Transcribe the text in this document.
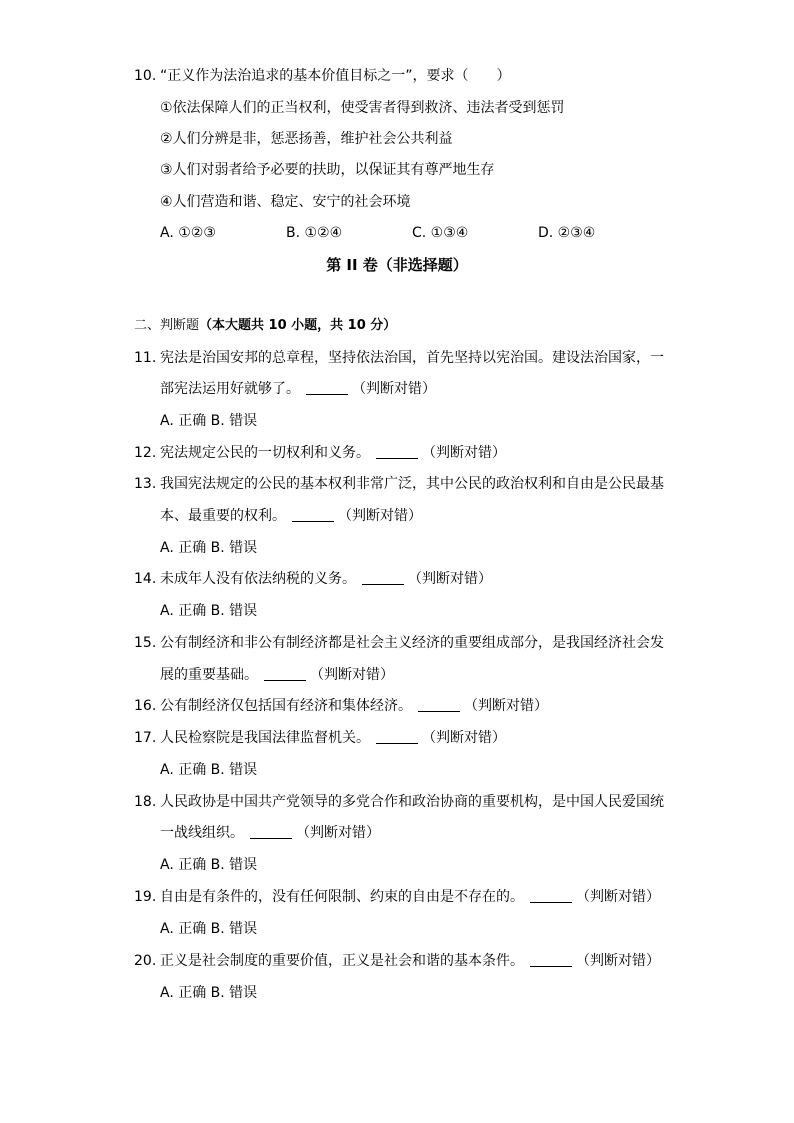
10. “正义作为法治追求的基本价值目标之一”，要求（　　）
①依法保障人们的正当权利，使受害者得到救济、违法者受到惩罚
②人们分辨是非，惩恶扬善，维护社会公共利益
③人们对弱者给予必要的扶助，以保证其有尊严地生存
④人们营造和谐、稳定、安宁的社会环境
A. ①②③	B. ①②④	C. ①③④	D. ②③④
第 II 卷（非选择题）
二、判断题（本大题共 10 小题，共 10 分）
11. 宪法是治国安邦的总章程，坚持依法治国，首先坚持以宪治国。建设法治国家，一
部宪法运用好就够了。	（判断对错）
A. 正确 B. 错误
12. 宪法规定公民的一切权利和义务。	（判断对错）
13. 我国宪法规定的公民的基本权利非常广泛，其中公民的政治权利和自由是公民最基
本、最重要的权利。	（判断对错）
A. 正确 B. 错误
14. 未成年人没有依法纳税的义务。	（判断对错）
A. 正确 B. 错误
15. 公有制经济和非公有制经济都是社会主义经济的重要组成部分，是我国经济社会发
展的重要基础。	（判断对错）
16. 公有制经济仅包括国有经济和集体经济。	（判断对错）
17. 人民检察院是我国法律监督机关。	（判断对错）
A. 正确 B. 错误
18. 人民政协是中国共产党领导的多党合作和政治协商的重要机构，是中国人民爱国统
一战线组织。	（判断对错）
A. 正确 B. 错误
19. 自由是有条件的，没有任何限制、约束的自由是不存在的。	（判断对错）
A. 正确 B. 错误
20. 正义是社会制度的重要价值，正义是社会和谐的基本条件。	（判断对错）
A. 正确 B. 错误
